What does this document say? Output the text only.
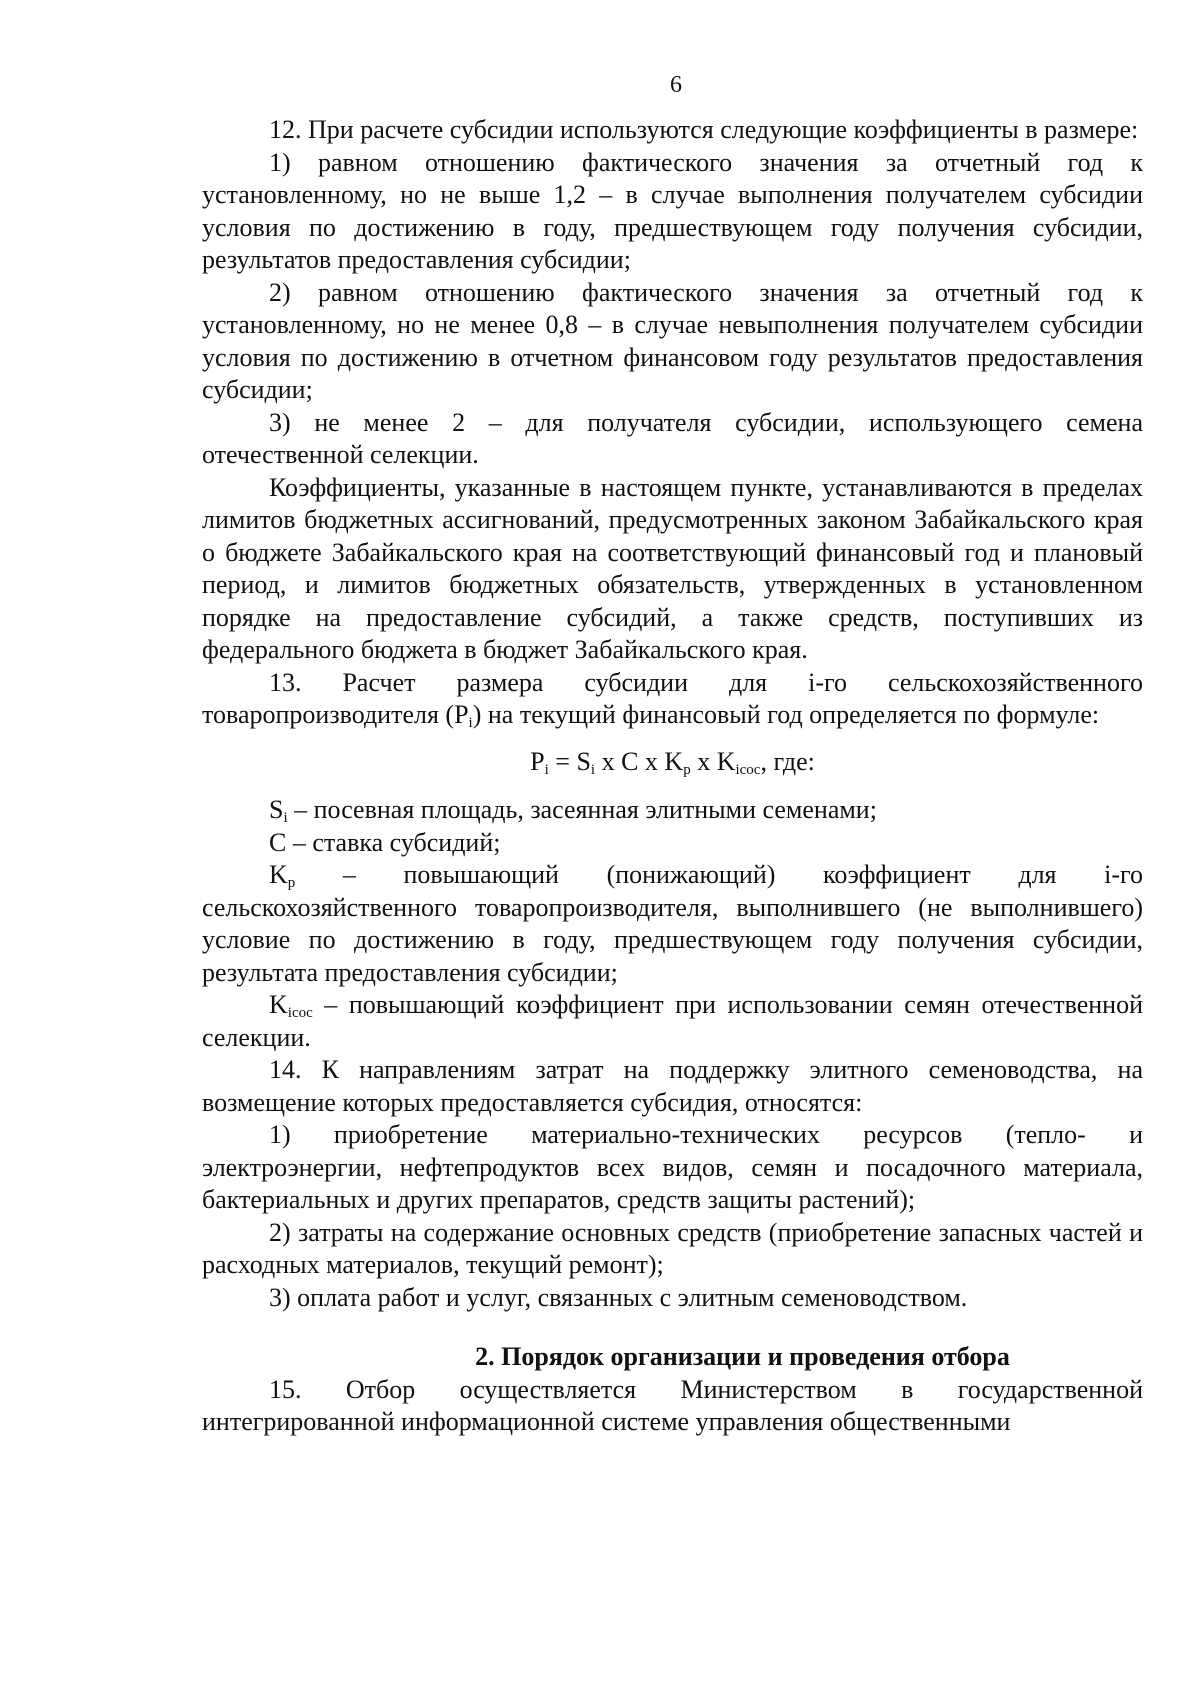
6

12. При расчете субсидии используются следующие коэффициенты в размере:

1) равном отношению фактического значения за отчетный год к установленному, но не выше 1,2 – в случае выполнения получателем субсидии условия по достижению в году, предшествующем году получения субсидии, результатов предоставления субсидии;

2) равном отношению фактического значения за отчетный год к установленному, но не менее 0,8 – в случае невыполнения получателем субсидии условия по достижению в отчетном финансовом году результатов предоставления субсидии;

3) не менее 2 – для получателя субсидии, использующего семена отечественной селекции.

Коэффициенты, указанные в настоящем пункте, устанавливаются в пределах лимитов бюджетных ассигнований, предусмотренных законом Забайкальского края о бюджете Забайкальского края на соответствующий финансовый год и плановый период, и лимитов бюджетных обязательств, утвержденных в установленном порядке на предоставление субсидий, а также средств, поступивших из федерального бюджета в бюджет Забайкальского края.

13. Расчет размера субсидии для i-го сельскохозяйственного товаропроизводителя $(P_i)$ на текущий финансовый год определяется по формуле:

$P_i = S_i$ x C x $K_p$ x $K_{icoc}$, где:

$S_i$ – посевная площадь, засеянная элитными семенами;

C – ставка субсидий;

$K_p$ – повышающий (понижающий) коэффициент для i-го сельскохозяйственного товаропроизводителя, выполнившего (не выполнившего) условие по достижению в году, предшествующем году получения субсидии, результата предоставления субсидии;

$K_{icoc}$ – повышающий коэффициент при использовании семян отечественной селекции.

14. К направлениям затрат на поддержку элитного семеноводства, на возмещение которых предоставляется субсидия, относятся:

1) приобретение материально-технических ресурсов (тепло- и электроэнергии, нефтепродуктов всех видов, семян и посадочного материала, бактериальных и других препаратов, средств защиты растений);

2) затраты на содержание основных средств (приобретение запасных частей и расходных материалов, текущий ремонт);

3) оплата работ и услуг, связанных с элитным семеноводством.

2. Порядок организации и проведения отбора

15. Отбор осуществляется Министерством в государственной интегрированной информационной системе управления общественными
